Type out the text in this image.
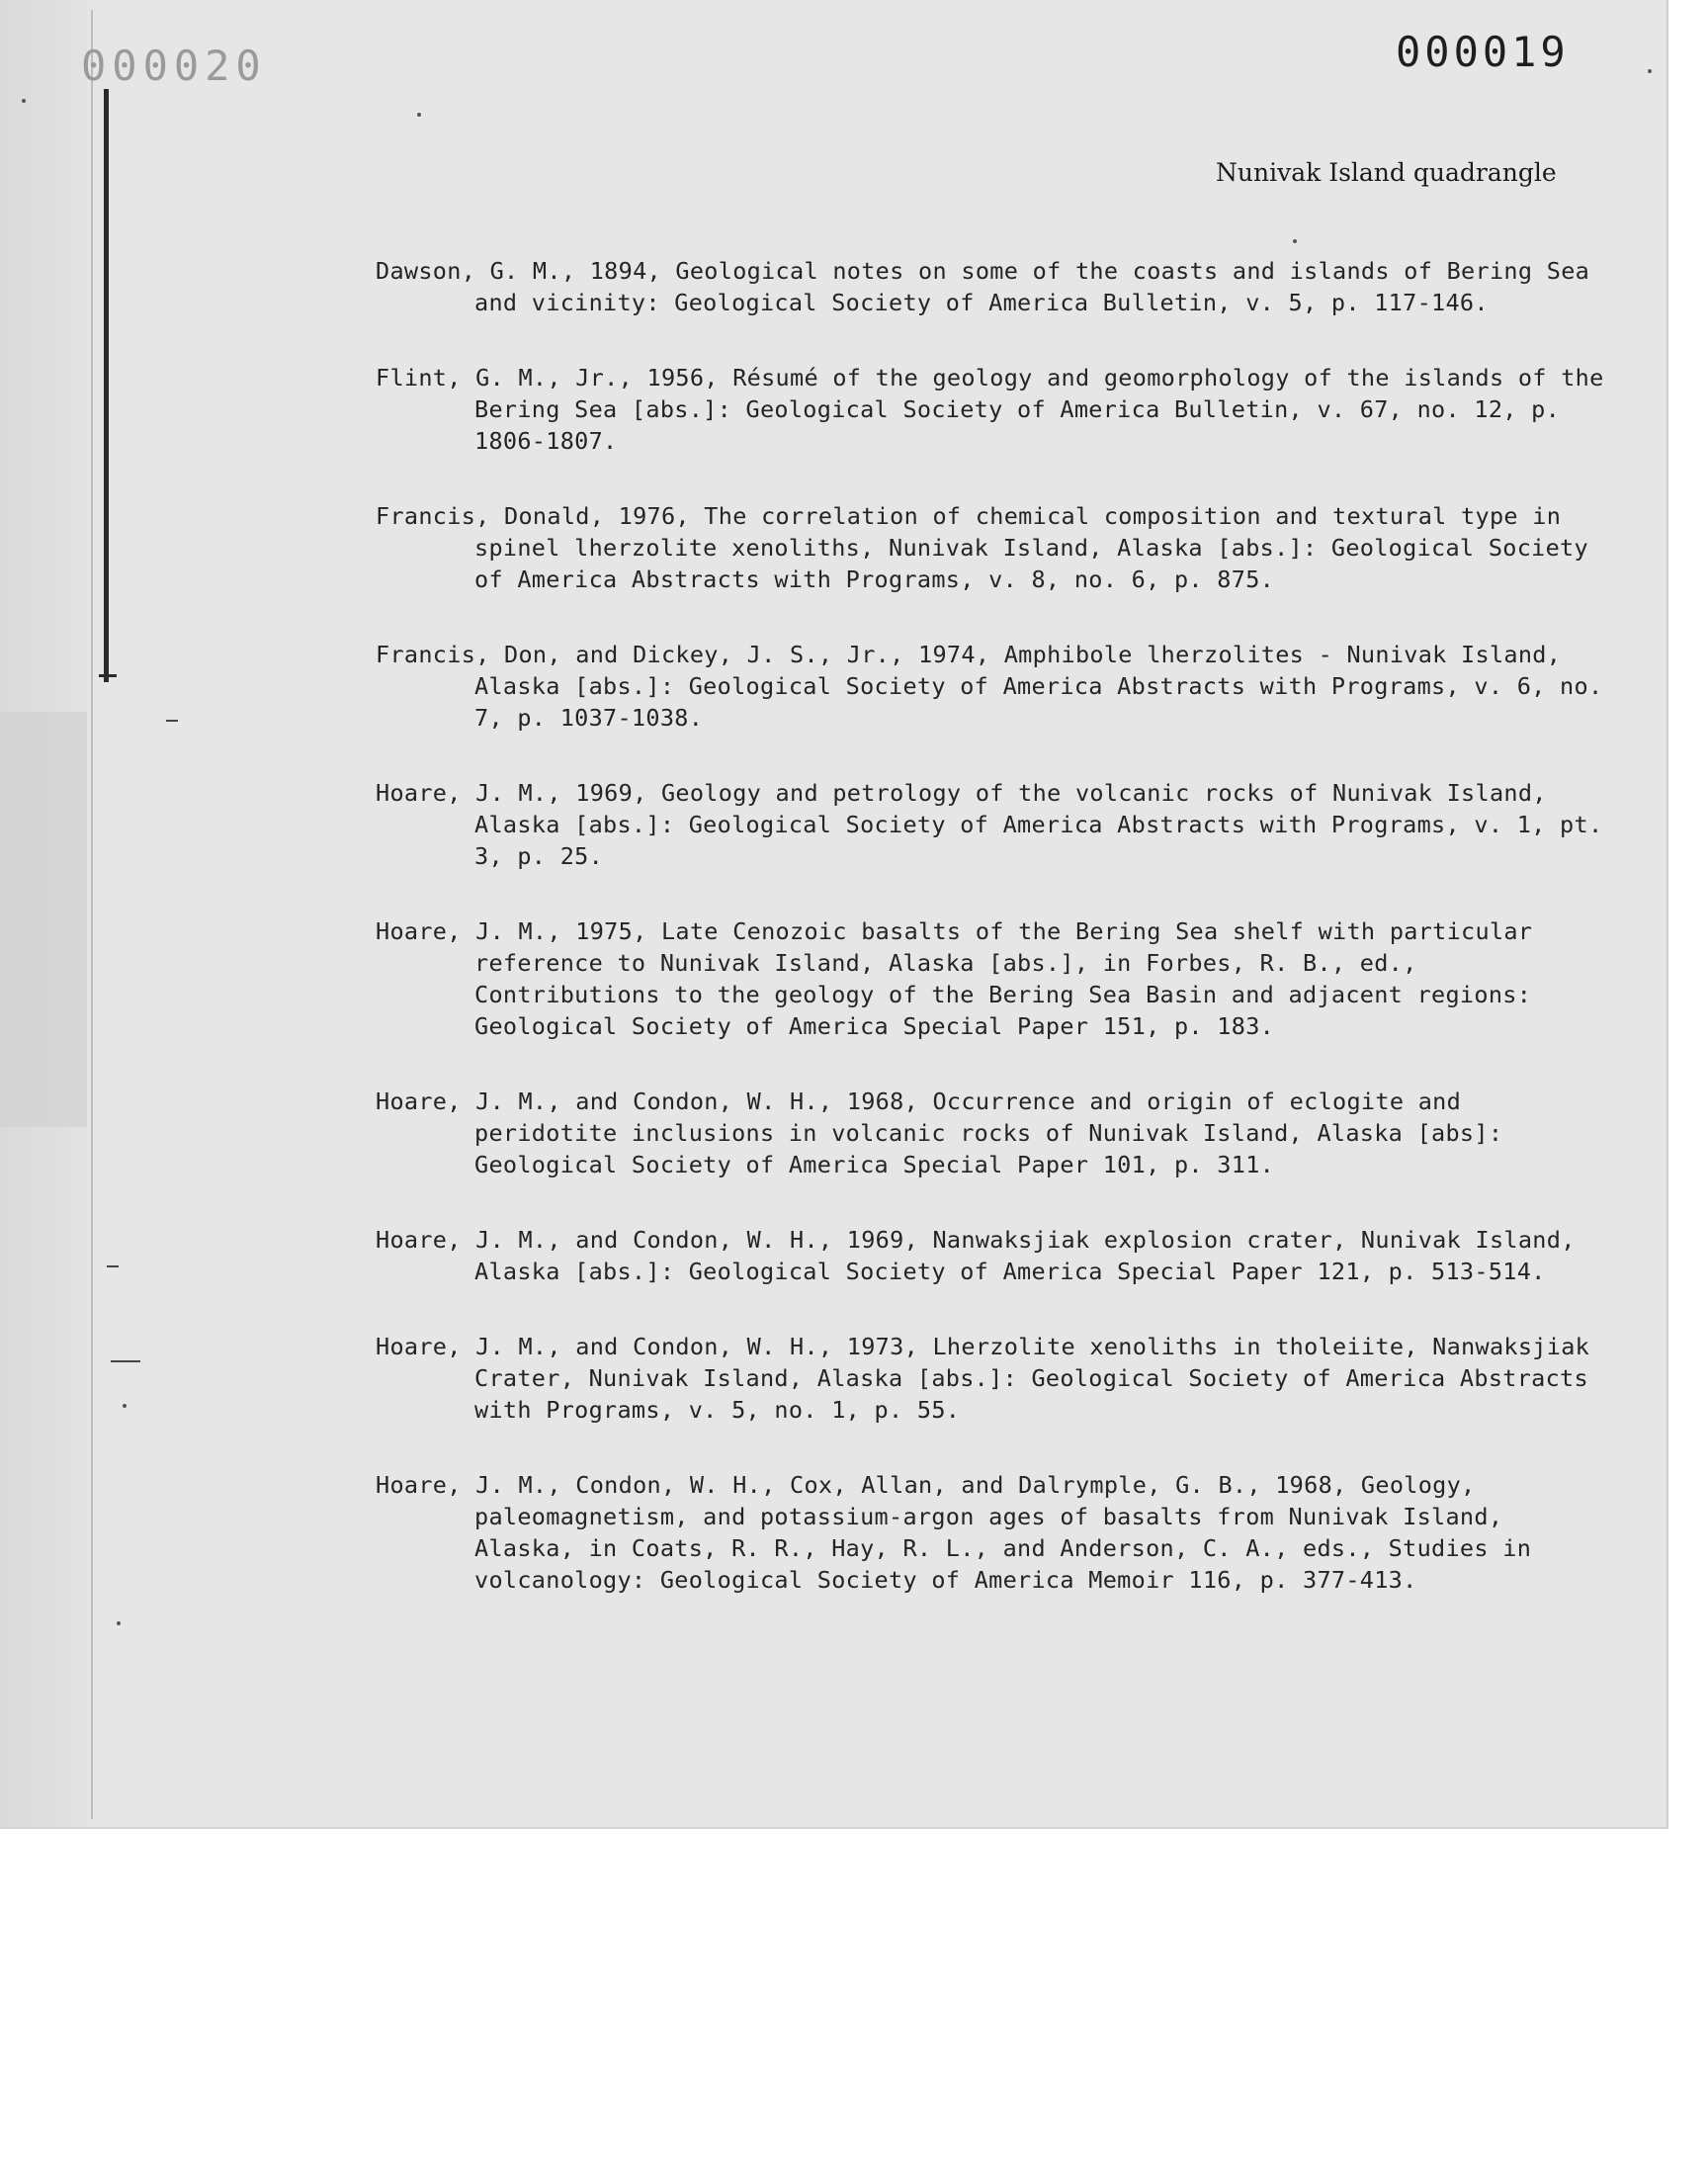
000020	000019
Nunivak Island quadrangle
Dawson, G. M., 1894, Geological notes on some of the coasts and islands of Bering Sea and vicinity: Geological Society of America Bulletin, v. 5, p. 117-146.
Flint, G. M., Jr., 1956, Résumé of the geology and geomorphology of the islands of the Bering Sea [abs.]: Geological Society of America Bulletin, v. 67, no. 12, p. 1806-1807.
Francis, Donald, 1976, The correlation of chemical composition and textural type in spinel lherzolite xenoliths, Nunivak Island, Alaska [abs.]: Geological Society of America Abstracts with Programs, v. 8, no. 6, p. 875.
Francis, Don, and Dickey, J. S., Jr., 1974, Amphibole lherzolites - Nunivak Island, Alaska [abs.]: Geological Society of America Abstracts with Programs, v. 6, no. 7, p. 1037-1038.
Hoare, J. M., 1969, Geology and petrology of the volcanic rocks of Nunivak Island, Alaska [abs.]: Geological Society of America Abstracts with Programs, v. 1, pt. 3, p. 25.
Hoare, J. M., 1975, Late Cenozoic basalts of the Bering Sea shelf with particular reference to Nunivak Island, Alaska [abs.], in Forbes, R. B., ed., Contributions to the geology of the Bering Sea Basin and adjacent regions: Geological Society of America Special Paper 151, p. 183.
Hoare, J. M., and Condon, W. H., 1968, Occurrence and origin of eclogite and peridotite inclusions in volcanic rocks of Nunivak Island, Alaska [abs]: Geological Society of America Special Paper 101, p. 311.
Hoare, J. M., and Condon, W. H., 1969, Nanwaksjiak explosion crater, Nunivak Island, Alaska [abs.]: Geological Society of America Special Paper 121, p. 513-514.
Hoare, J. M., and Condon, W. H., 1973, Lherzolite xenoliths in tholeiite, Nanwaksjiak Crater, Nunivak Island, Alaska [abs.]: Geological Society of America Abstracts with Programs, v. 5, no. 1, p. 55.
Hoare, J. M., Condon, W. H., Cox, Allan, and Dalrymple, G. B., 1968, Geology, paleomagnetism, and potassium-argon ages of basalts from Nunivak Island, Alaska, in Coats, R. R., Hay, R. L., and Anderson, C. A., eds., Studies in volcanology: Geological Society of America Memoir 116, p. 377-413.
